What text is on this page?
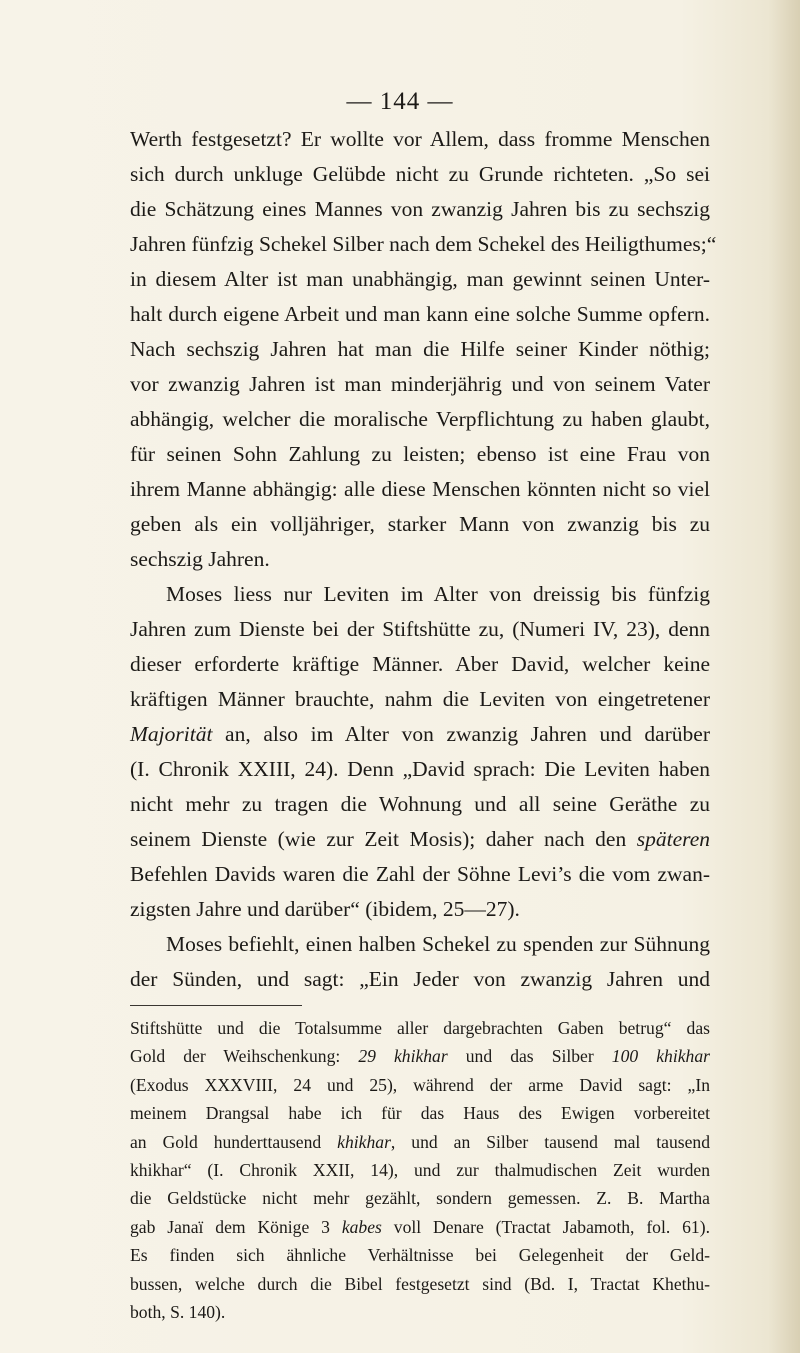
— 144 —
Werth festgesetzt? Er wollte vor Allem, dass fromme Menschen
sich durch unkluge Gelübde nicht zu Grunde richteten. „So sei
die Schätzung eines Mannes von zwanzig Jahren bis zu sechszig
Jahren fünfzig Schekel Silber nach dem Schekel des Heiligthumes;“
in diesem Alter ist man unabhängig, man gewinnt seinen Unter-
halt durch eigene Arbeit und man kann eine solche Summe opfern.
Nach sechszig Jahren hat man die Hilfe seiner Kinder nöthig;
vor zwanzig Jahren ist man minderjährig und von seinem Vater
abhängig, welcher die moralische Verpflichtung zu haben glaubt,
für seinen Sohn Zahlung zu leisten; ebenso ist eine Frau von
ihrem Manne abhängig: alle diese Menschen könnten nicht so viel
geben als ein volljähriger, starker Mann von zwanzig bis zu
sechszig Jahren.
Moses liess nur Leviten im Alter von dreissig bis fünfzig
Jahren zum Dienste bei der Stiftshütte zu, (Numeri IV, 23), denn
dieser erforderte kräftige Männer. Aber David, welcher keine
kräftigen Männer brauchte, nahm die Leviten von eingetretener
Majorität an, also im Alter von zwanzig Jahren und darüber
(I. Chronik XXIII, 24). Denn „David sprach: Die Leviten haben
nicht mehr zu tragen die Wohnung und all seine Geräthe zu
seinem Dienste (wie zur Zeit Mosis); daher nach den späteren
Befehlen Davids waren die Zahl der Söhne Levi’s die vom zwan-
zigsten Jahre und darüber“ (ibidem, 25—27).
Moses befiehlt, einen halben Schekel zu spenden zur Sühnung
der Sünden, und sagt: „Ein Jeder von zwanzig Jahren und
Stiftshütte und die Totalsumme aller dargebrachten Gaben betrug“ das
Gold der Weihschenkung: 29 khikhar und das Silber 100 khikhar
(Exodus XXXVIII, 24 und 25), während der arme David sagt: „In
meinem Drangsal habe ich für das Haus des Ewigen vorbereitet
an Gold hunderttausend khikhar, und an Silber tausend mal tausend
khikhar“ (I. Chronik XXII, 14), und zur thalmudischen Zeit wurden
die Geldstücke nicht mehr gezählt, sondern gemessen. Z. B. Martha
gab Janaï dem Könige 3 kabes voll Denare (Tractat Jabamoth, fol. 61).
Es finden sich ähnliche Verhältnisse bei Gelegenheit der Geld-
bussen, welche durch die Bibel festgesetzt sind (Bd. I, Tractat Khethu-
both, S. 140).
